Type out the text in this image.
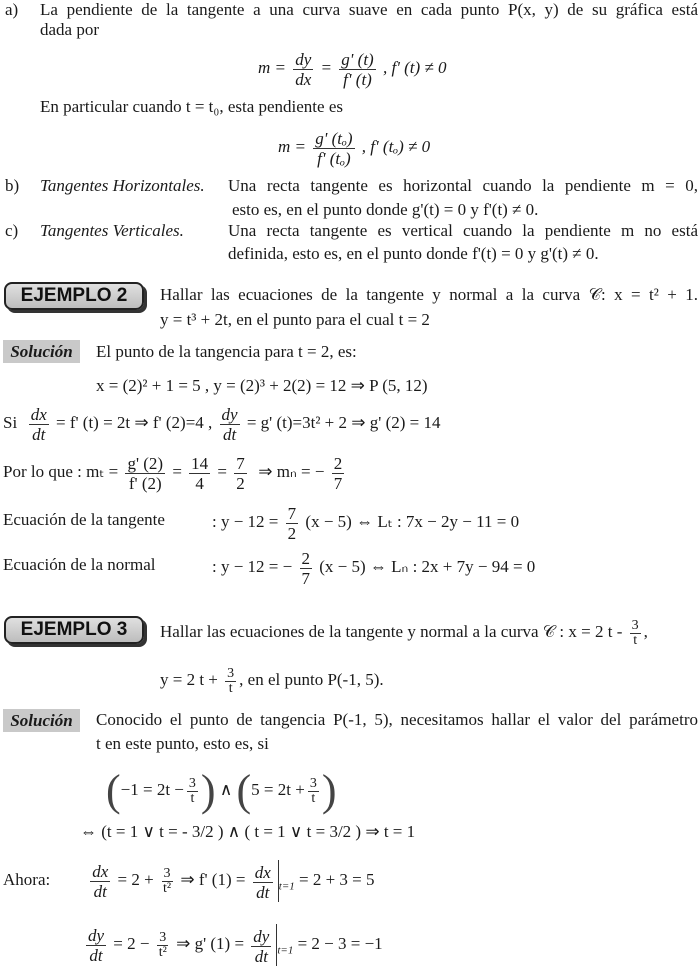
a) La pendiente de la tangente a una curva suave en cada punto P(x, y) de su gráfica está
dada por
$m = \frac{dy}{dx} = \frac{g' (t)}{f' (t)}$ , f' (t) ≠ 0
En particular cuando t = t₀, esta pendiente es
$m = \frac{\text{g' (tₒ)}}{\text{f' (tₒ)}}$ , f' (tₒ) ≠ 0
b) Tangentes Horizontales. Una recta tangente es horizontal cuando la pendiente m = 0,
esto es, en el punto donde g'(t) = 0 y f'(t) ≠ 0.
c) Tangentes Verticales.	Una recta tangente es vertical cuando la pendiente m no está
definida, esto es, en el punto donde f'(t) = 0 y g'(t) ≠ 0.
EJEMPLO 2	Hallar las ecuaciones de la tangente y normal a la curva 𝒞: x = t² + 1.
y = t³ + 2t, en el punto para el cual t = 2
Solución	El punto de la tangencia para t = 2, es:
x = (2)² + 1 = 5 , y = (2)³ + 2(2) = 12 ⇒ P (5, 12)
Si $\frac{dx}{dt} = f'$ (t) = 2t ⇒ f' (2)=4 , $\frac{dy}{dt} = g'$ (t)=3t² + 2 ⇒ g' (2) = 14
Por lo que : $m_t = \frac{g' (2)}{f' (2)} = \frac{14}{4} = \frac{7}{2}$ ⇒ mₙ = − $\frac{2}{7}$
Ecuación de la tangente	: $y - 12 = \frac{7}{2} (x - 5)$ ⇔ Lₜ : 7x − 2y − 11 = 0
Ecuación de la normal	: y − 12 = − $\frac{2}{7} (x - 5)$ ⇔ Lₙ : 2x + 7y − 94 = 0
EJEMPLO 3	Hallar las ecuaciones de la tangente y normal a la curva 𝒞 : x = 2 t - $\frac{3}{t}$ ,
y = 2 $t + \frac{3}{t}$ , en el punto P(-1, 5).
Solución	Conocido el punto de tangencia P(-1, 5), necesitamos hallar el valor del parámetro
t en este punto, esto es, si
($-1 = 2t - \frac{3}{t}$ ) ∧ ($5 = 2t + \frac{3}{t}$ )
⇔ (t = 1 ∨ t = - 3/2 ) ∧ ( t = 1 ∨ t = 3/2 ) ⇒ t = 1
Ahora: $\frac{dx}{dt} = 2 + \frac{3}{\text{t²}}$ ⇒ f' $(1) = \frac{dx}{dt} _{t=1} = 2 + 3 = 5$
$\frac{dy}{dt} = 2 - \frac{3}{\text{t²}}$ ⇒ g' $(1) = \frac{dy}{dt} _{t=1} = 2 - 3 = -1$
